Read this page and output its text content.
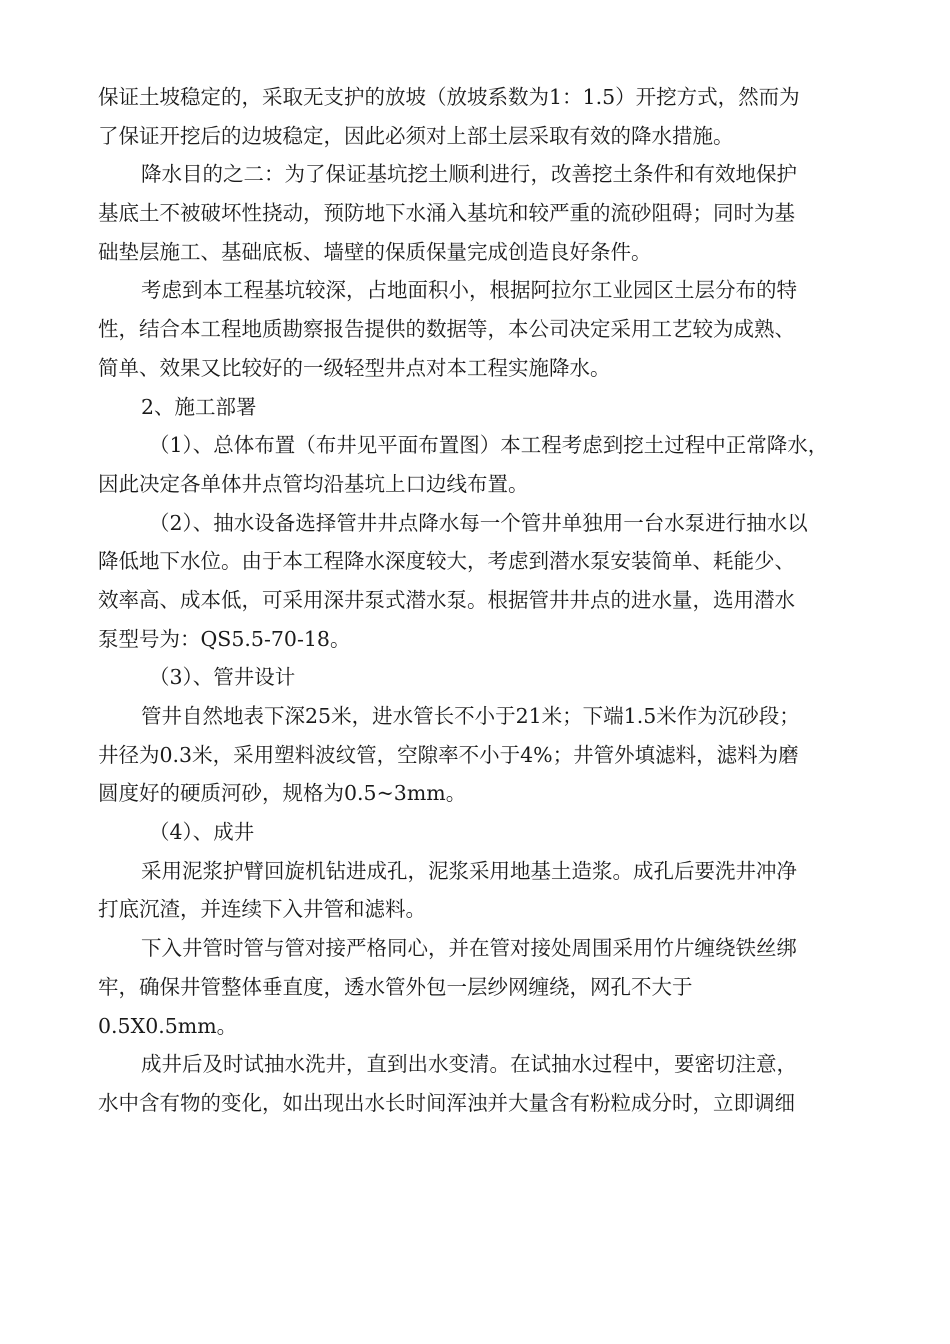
保证土坡稳定的，采取无支护的放坡（放坡系数为1：1.5）开挖方式，然而为
了保证开挖后的边坡稳定，因此必须对上部土层采取有效的降水措施。
降水目的之二：为了保证基坑挖土顺利进行，改善挖土条件和有效地保护
基底土不被破坏性挠动，预防地下水涌入基坑和较严重的流砂阻碍；同时为基
础垫层施工、基础底板、墙壁的保质保量完成创造良好条件。
考虑到本工程基坑较深，占地面积小，根据阿拉尔工业园区土层分布的特
性，结合本工程地质勘察报告提供的数据等，本公司决定采用工艺较为成熟、
简单、效果又比较好的一级轻型井点对本工程实施降水。
2、施工部署
（1）、总体布置（布井见平面布置图）本工程考虑到挖土过程中正常降水，
因此决定各单体井点管均沿基坑上口边线布置。
（2）、抽水设备选择管井井点降水每一个管井单独用一台水泵进行抽水以
降低地下水位。由于本工程降水深度较大，考虑到潜水泵安装简单、耗能少、
效率高、成本低，可采用深井泵式潜水泵。根据管井井点的进水量，选用潜水
泵型号为：QS5.5-70-18。
（3）、管井设计
管井自然地表下深25米，进水管长不小于21米；下端1.5米作为沉砂段；
井径为0.3米，采用塑料波纹管，空隙率不小于4%；井管外填滤料，滤料为磨
圆度好的硬质河砂，规格为0.5~3mm。
（4）、成井
采用泥浆护臂回旋机钻进成孔，泥浆采用地基土造浆。成孔后要洗井冲净
打底沉渣，并连续下入井管和滤料。
下入井管时管与管对接严格同心，并在管对接处周围采用竹片缠绕铁丝绑
牢，确保井管整体垂直度，透水管外包一层纱网缠绕，网孔不大于
0.5X0.5mm。
成井后及时试抽水洗井，直到出水变清。在试抽水过程中，要密切注意，
水中含有物的变化，如出现出水长时间浑浊并大量含有粉粒成分时，立即调细
